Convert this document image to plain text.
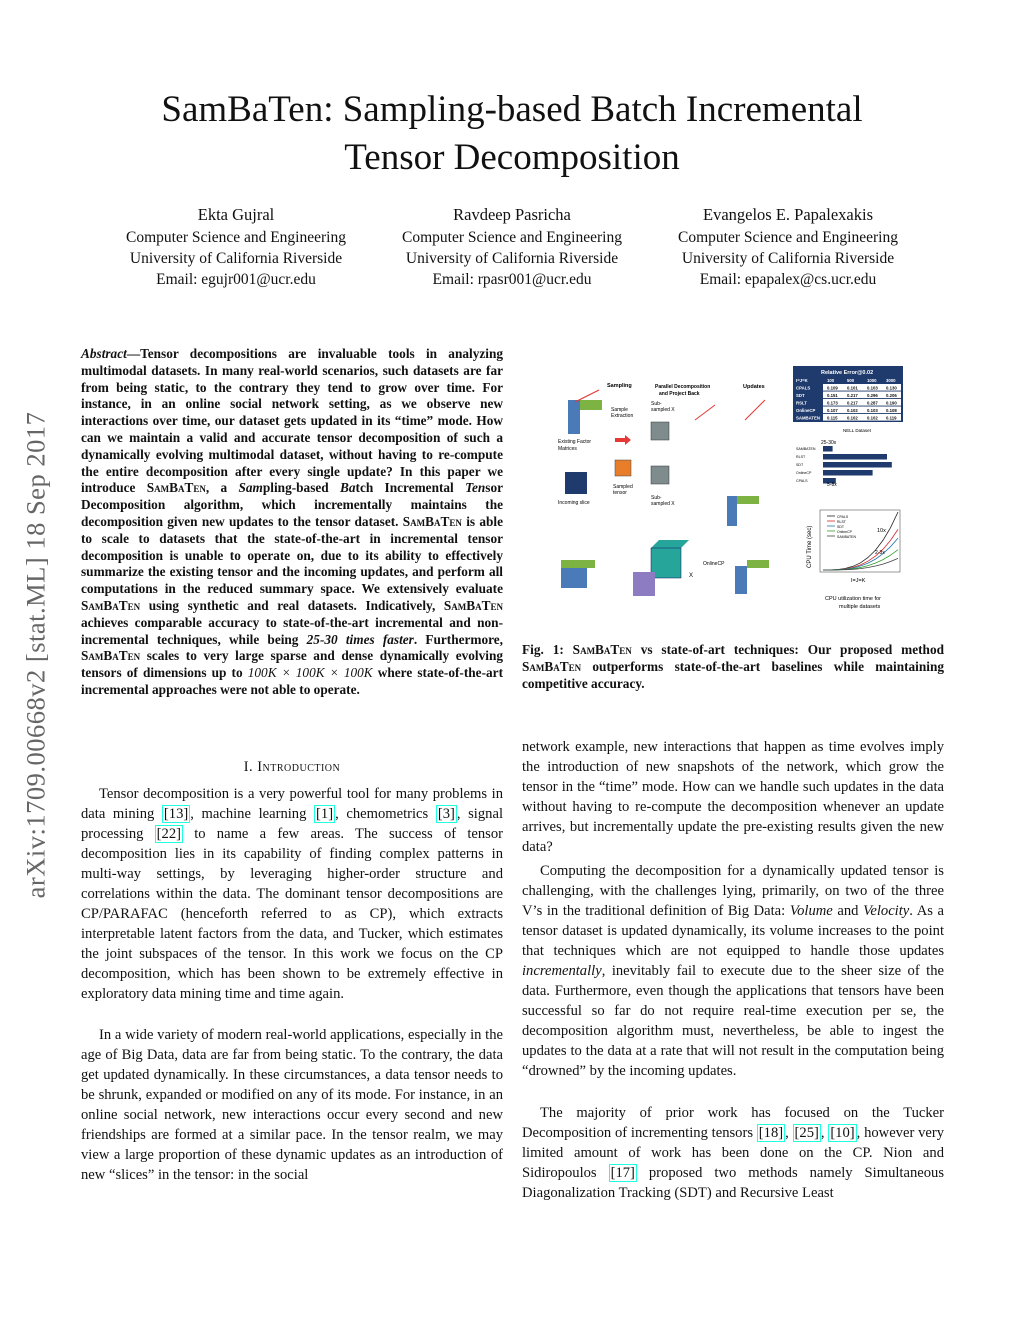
SamBaTen: Sampling-based Batch Incremental
Tensor Decomposition
Ekta Gujral
Computer Science and Engineering
University of California Riverside
Email: egujr001@ucr.edu
Ravdeep Pasricha
Computer Science and Engineering
University of California Riverside
Email: rpasr001@ucr.edu
Evangelos E. Papalexakis
Computer Science and Engineering
University of California Riverside
Email: epapalex@cs.ucr.edu
arXiv:1709.00668v2 [stat.ML] 18 Sep 2017
Abstract—Tensor decompositions are invaluable tools in analyzing multimodal datasets. In many real-world scenarios, such datasets are far from being static, to the contrary they tend to grow over time. For instance, in an online social network setting, as we observe new interactions over time, our dataset gets updated in its “time” mode. How can we maintain a valid and accurate tensor decomposition of such a dynamically evolving multimodal dataset, without having to re-compute the entire decomposition after every single update? In this paper we introduce SamBaTen, a Sampling-based Batch Incremental Tensor Decomposition algorithm, which incrementally maintains the decomposition given new updates to the tensor dataset. SamBaTen is able to scale to datasets that the state-of-the-art in incremental tensor decomposition is unable to operate on, due to its ability to effectively summarize the existing tensor and the incoming updates, and perform all computations in the reduced summary space. We extensively evaluate SamBaTen using synthetic and real datasets. Indicatively, SamBaTen achieves comparable accuracy to state-of-the-art incremental and non-incremental techniques, while being 25-30 times faster. Furthermore, SamBaTen scales to very large sparse and dense dynamically evolving tensors of dimensions up to 100K × 100K × 100K where state-of-the-art incremental approaches were not able to operate.
I. Introduction
Tensor decomposition is a very powerful tool for many problems in data mining [13] , machine learning [1] , chemometrics [3] , signal processing [22] to name a few areas. The success of tensor decomposition lies in its capability of finding complex patterns in multi-way settings, by leveraging higher-order structure and correlations within the data. The dominant tensor decompositions are CP/PARAFAC (henceforth referred to as CP), which extracts interpretable latent factors from the data, and Tucker, which estimates the joint subspaces of the tensor. In this work we focus on the CP decomposition, which has been shown to be extremely effective in exploratory data mining time and time again.
In a wide variety of modern real-world applications, especially in the age of Big Data, data are far from being static. To the contrary, the data get updated dynamically. In these circumstances, a data tensor needs to be shrunk, expanded or modified on any of its mode. For instance, in an online social network, new interactions occur every second and new friendships are formed at a similar pace. In the tensor realm, we may view a large proportion of these dynamic updates as an introduction of new “slices” in the tensor: in the social
Sampling	Parallel Decomposition
and Project Back
Updates
Sample
Extraction
Existing Factor
Matrices
Incoming slice
Sampled
tensor
Sub-
sampled X
Sub-
sampled X
X
OnlineCP
Relative Error@0.02
I=J=K	100	500	1000 3000
CPALS	0.109 0.101 0.103 0.130
SDT	0.151 0.217 0.296 0.206
RSLT	0.173 0.217 0.287 0.190
OnlineCP	0.107 0.102 0.103 0.108
SAMBATEN 0.115 0.102 0.102 0.119
NELL Dataset
SAMBATEN
RLST
SDT
OnlineCP
CPALS
25-30x
5-8x
CPU Time (sec)
I=J=K
CPALS
RLST
SDT
OnlineCP
SAMBATEN
10x
2-3x
CPU utilization time for
multiple datasets
Fig. 1: SamBaTen vs state-of-art techniques: Our proposed method SamBaTen outperforms state-of-the-art baselines while maintaining competitive accuracy.
network example, new interactions that happen as time evolves imply the introduction of new snapshots of the network, which grow the tensor in the “time” mode. How can we handle such updates in the data without having to re-compute the decomposition whenever an update arrives, but incrementally update the pre-existing results given the new data?
Computing the decomposition for a dynamically updated tensor is challenging, with the challenges lying, primarily, on two of the three V’s in the traditional definition of Big Data: Volume and Velocity. As a tensor dataset is updated dynamically, its volume increases to the point that techniques which are not equipped to handle those updates incrementally, inevitably fail to execute due to the sheer size of the data. Furthermore, even though the applications that tensors have been successful so far do not require real-time execution per se, the decomposition algorithm must, nevertheless, be able to ingest the updates to the data at a rate that will not result in the computation being “drowned” by the incoming updates.
The majority of prior work has focused on the Tucker Decomposition of incrementing tensors [18] , [25] , [10] , however very limited amount of work has been done on the CP. Nion and Sidiropoulos [17] proposed two methods namely Simultaneous Diagonalization Tracking (SDT) and Recursive Least
